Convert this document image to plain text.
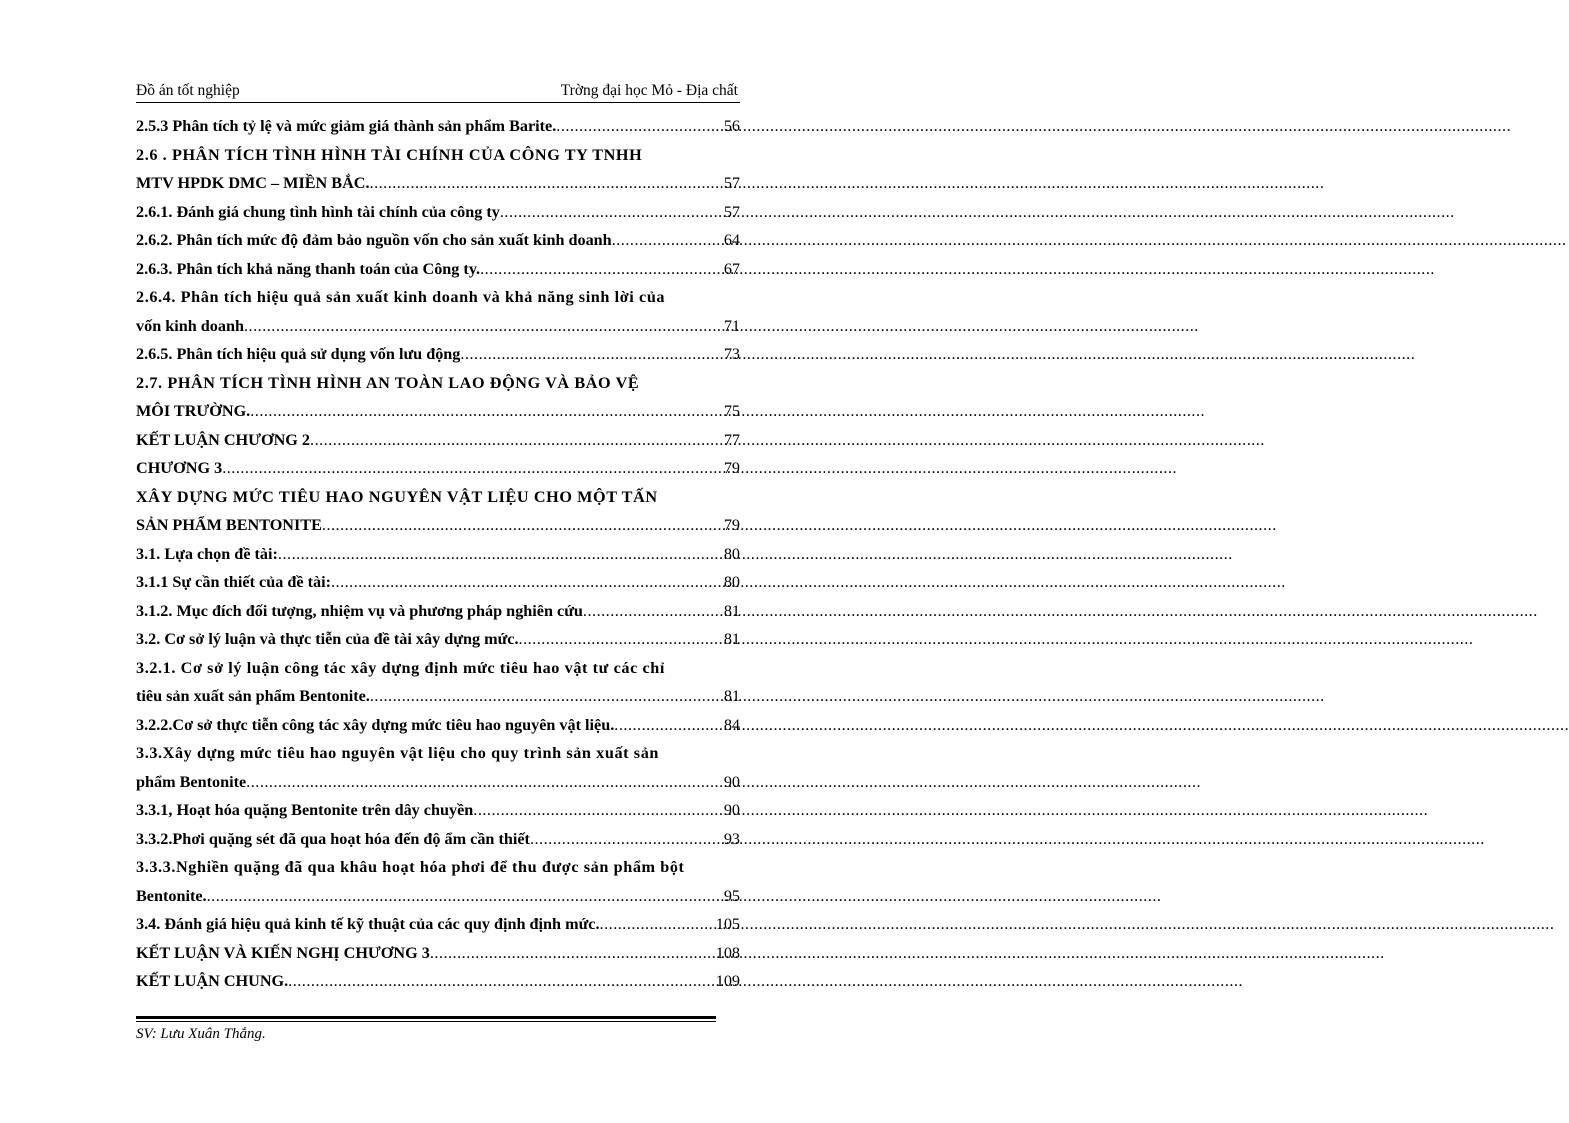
Đồ án tốt nghiệp	Trờng đại học Mỏ - Địa chất
2.5.3 Phân tích tỷ lệ và mức giảm giá thành sản phẩm Barite. .....	56
2.6 . PHÂN TÍCH TÌNH HÌNH TÀI CHÍNH CỦA CÔNG TY TNHH
MTV HPDK DMC – MIỀN BẮC. .....	57
2.6.1. Đánh giá chung tình hình tài chính của công ty .....	57
2.6.2. Phân tích mức độ đảm bảo nguồn vốn cho sản xuất kinh doanh .....	64
2.6.3. Phân tích khả năng thanh toán của Công ty. .....	67
2.6.4. Phân tích hiệu quả sản xuất kinh doanh và khả năng sinh lời của
vốn kinh doanh .....	71
2.6.5. Phân tích hiệu quả sử dụng vốn lưu động .....	73
2.7. PHÂN TÍCH TÌNH HÌNH AN TOÀN LAO ĐỘNG VÀ BẢO VỆ
MÔI TRƯỜNG. .....	75
KẾT LUẬN CHƯƠNG 2 .....	77
CHƯƠNG 3 .....	79
XÂY DỰNG MỨC TIÊU HAO NGUYÊN VẬT LIỆU CHO MỘT TẤN
SẢN PHẨM BENTONITE .....	79
3.1. Lựa chọn đề tài: .....	80
3.1.1 Sự cần thiết của đề tài: .....	80
3.1.2. Mục đích đối tượng, nhiệm vụ và phương pháp nghiên cứu .....	81
3.2. Cơ sở lý luận và thực tiễn của đề tài xây dựng mức. .....	81
3.2.1. Cơ sở lý luận công tác xây dựng định mức tiêu hao vật tư các chỉ
tiêu sản xuất sản phẩm Bentonite. .....	81
3.2.2.Cơ sở thực tiễn công tác xây dựng mức tiêu hao nguyên vật liệu. .....	84
3.3.Xây dựng mức tiêu hao nguyên vật liệu cho quy trình sản xuất sản
phẩm Bentonite .....	90
3.3.1, Hoạt hóa quặng Bentonite trên dây chuyền .....	90
3.3.2.Phơi quặng sét đã qua hoạt hóa đến độ ẩm cần thiết .....	93
3.3.3.Nghiền quặng đã qua khâu hoạt hóa phơi để thu được sản phẩm bột
Bentonite. .....	95
3.4. Đánh giá hiệu quả kinh tế kỹ thuật của các quy định định mức. .....	105
KẾT LUẬN VÀ KIẾN NGHỊ CHƯƠNG 3 .....	108
KẾT LUẬN CHUNG. .....	109
SV: Lưu Xuân Thắng.
